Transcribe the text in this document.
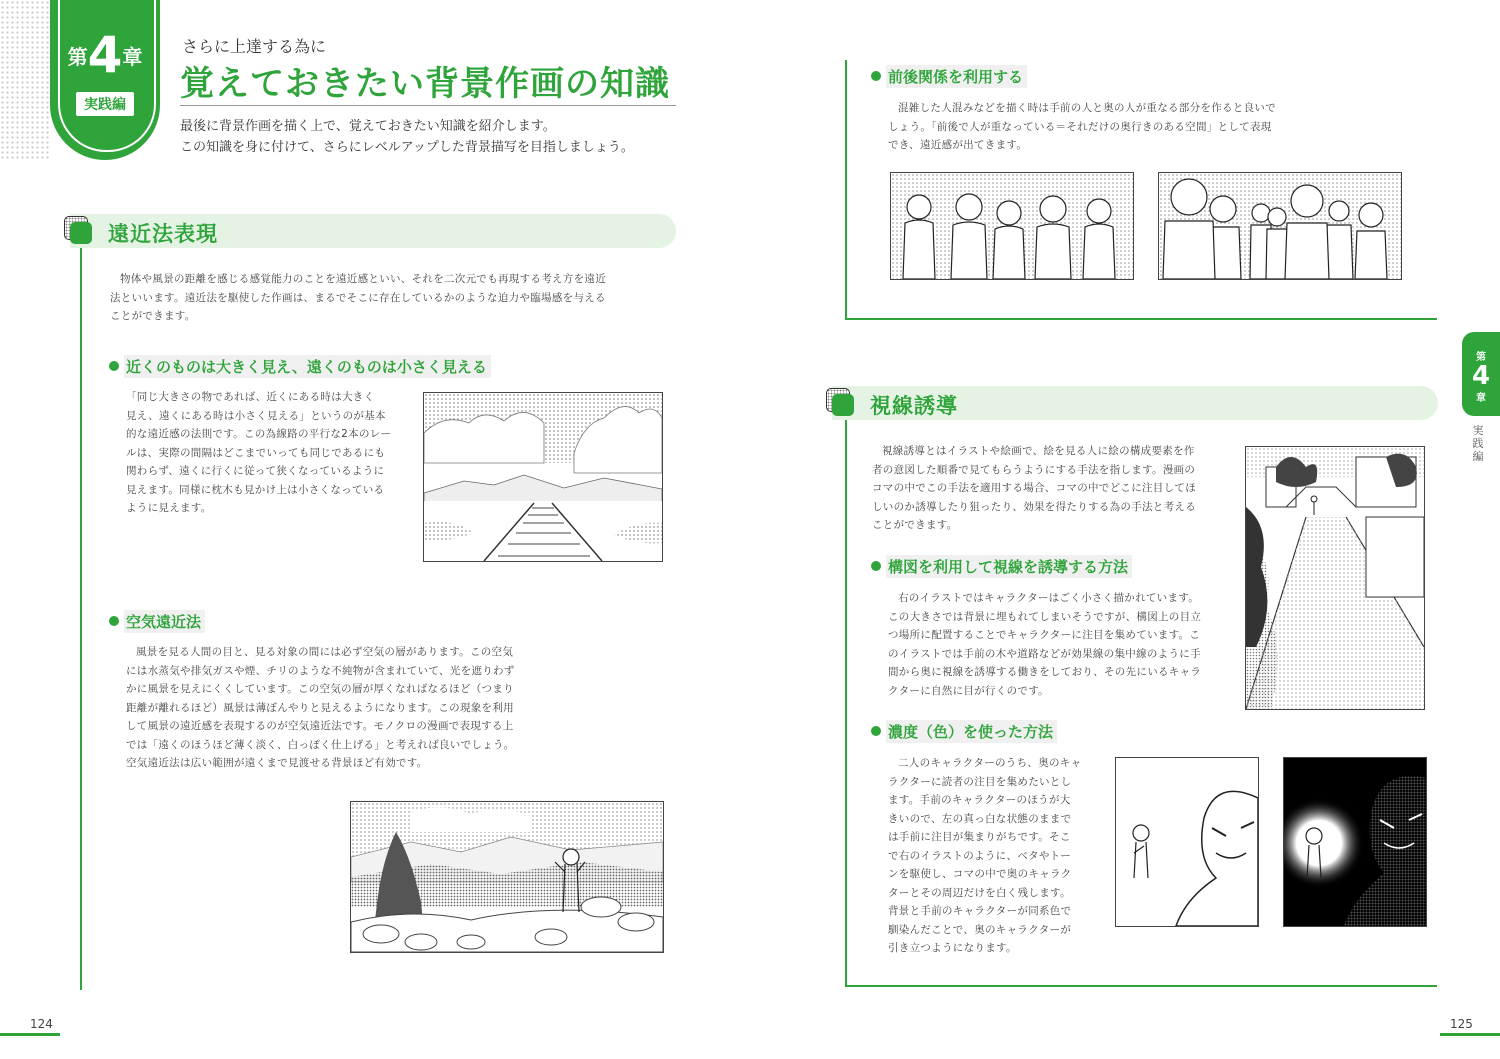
第4章
実践編
さらに上達する為に
覚えておきたい背景作画の知識
最後に背景作画を描く上で、覚えておきたい知識を紹介します。
この知識を身に付けて、さらにレベルアップした背景描写を目指しましょう。
遠近法表現
物体や風景の距離を感じる感覚能力のことを遠近感といい、それを二次元でも再現する考え方を遠近
法といいます。遠近法を駆使した作画は、まるでそこに存在しているかのような迫力や臨場感を与える
ことができます。
近くのものは大きく見え、遠くのものは小さく見える
「同じ大きさの物であれば、近くにある時は大きく
見え、遠くにある時は小さく見える」というのが基本
的な遠近感の法則です。この為線路の平行な2本のレー
ルは、実際の間隔はどこまでいっても同じであるにも
関わらず、遠くに行くに従って狭くなっているように
見えます。同様に枕木も見かけ上は小さくなっている
ように見えます。
空気遠近法
風景を見る人間の目と、見る対象の間には必ず空気の層があります。この空気
には水蒸気や排気ガスや煙、チリのような不純物が含まれていて、光を遮りわず
かに風景を見えにくくしています。この空気の層が厚くなればなるほど（つまり
距離が離れるほど）風景は薄ぼんやりと見えるようになります。この現象を利用
して風景の遠近感を表現するのが空気遠近法です。モノクロの漫画で表現する上
では「遠くのほうほど薄く淡く、白っぽく仕上げる」と考えれば良いでしょう。
空気遠近法は広い範囲が遠くまで見渡せる背景ほど有効です。
124
前後関係を利用する
混雑した人混みなどを描く時は手前の人と奥の人が重なる部分を作ると良いで
しょう。「前後で人が重なっている＝それだけの奥行きのある空間」として表現
でき、遠近感が出てきます。
視線誘導
視線誘導とはイラストや絵画で、絵を見る人に絵の構成要素を作
者の意図した順番で見てもらうようにする手法を指します。漫画の
コマの中でこの手法を適用する場合、コマの中でどこに注目してほ
しいのか誘導したり狙ったり、効果を得たりする為の手法と考える
ことができます。
構図を利用して視線を誘導する方法
右のイラストではキャラクターはごく小さく描かれています。
この大きさでは背景に埋もれてしまいそうですが、構図上の目立
つ場所に配置することでキャラクターに注目を集めています。こ
のイラストでは手前の木や道路などが効果線の集中線のように手
間から奥に視線を誘導する働きをしており、その先にいるキャラ
クターに自然に目が行くのです。
濃度（色）を使った方法
二人のキャラクターのうち、奥のキャ
ラクターに読者の注目を集めたいとし
ます。手前のキャラクターのほうが大
きいので、左の真っ白な状態のままで
は手前に注目が集まりがちです。そこ
で右のイラストのように、ベタやトー
ンを駆使し、コマの中で奥のキャラク
ターとその周辺だけを白く残します。
背景と手前のキャラクターが同系色で
馴染んだことで、奥のキャラクターが
引き立つようになります。
第
4
章
実践編
125
